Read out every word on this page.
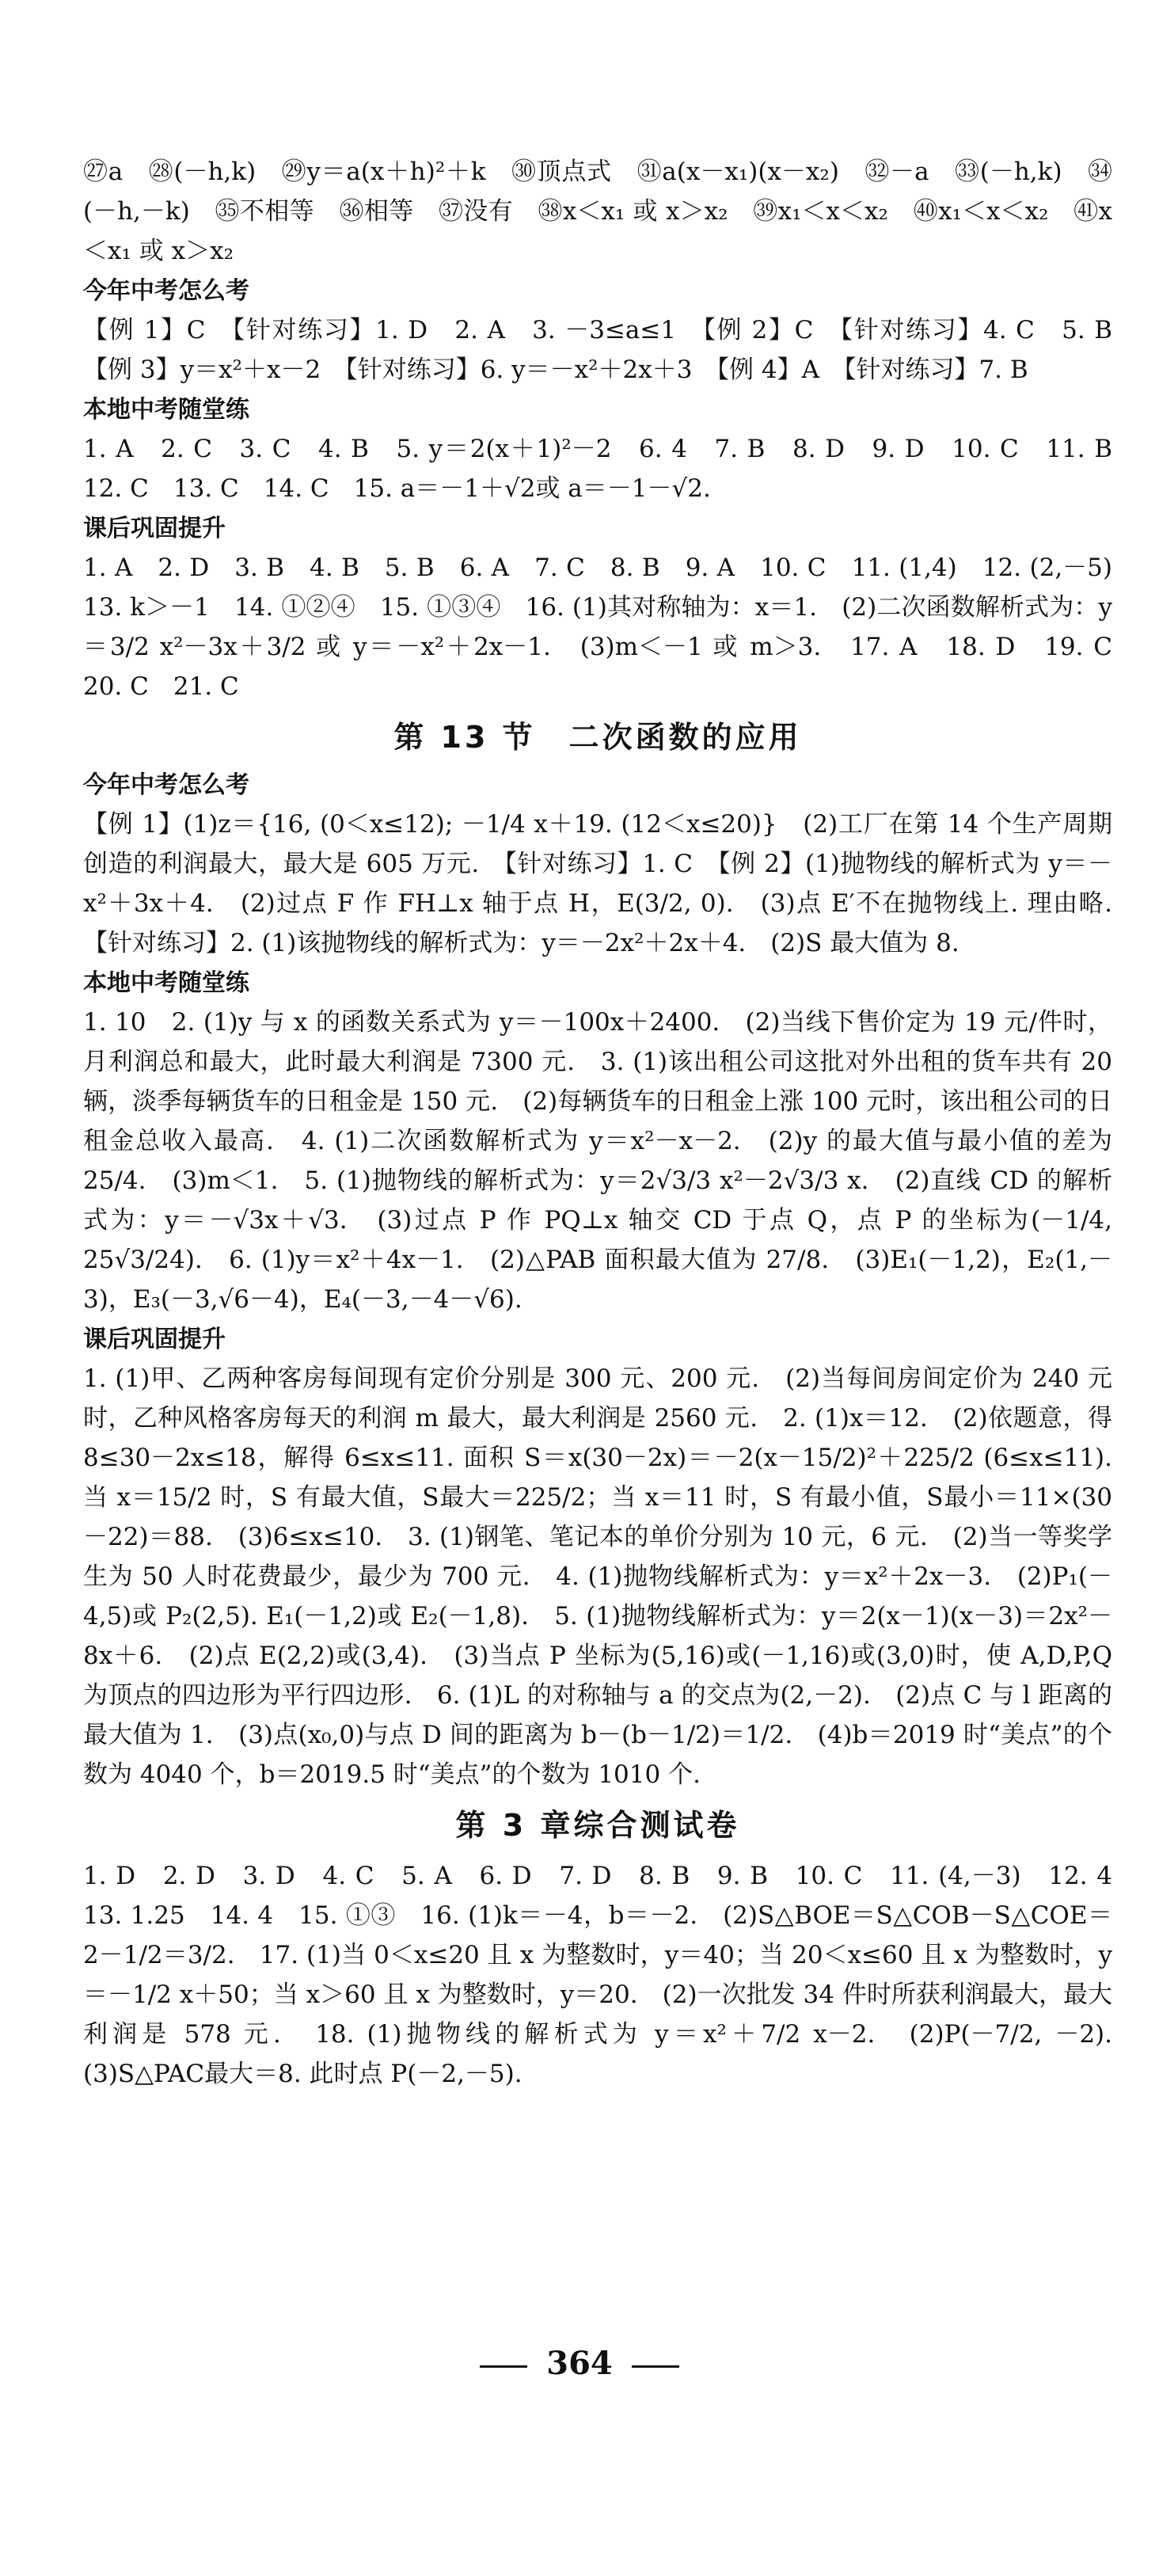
㉗a　㉘(－h,k)　㉙y＝a(x＋h)²＋k　㉚顶点式　㉛a(x－x₁)(x－x₂)　㉜－a　㉝(－h,k)　㉞(－h,－k)　㉟不相等　㊱相等　㊲没有　㊳x＜x₁ 或 x＞x₂　㊴x₁＜x＜x₂　㊵x₁＜x＜x₂　㊶x＜x₁ 或 x＞x₂

今年中考怎么考

【例 1】C　【针对练习】1. D　2. A　3. －3≤a≤1　【例 2】C　【针对练习】4. C　5. B　【例 3】y＝x²＋x－2　【针对练习】6. y＝－x²＋2x＋3　【例 4】A　【针对练习】7. B

本地中考随堂练

1. A　2. C　3. C　4. B　5. y＝2(x＋1)²－2　6. 4　7. B　8. D　9. D　10. C　11. B　12. C　13. C　14. C　15. a＝－1＋√2或 a＝－1－√2.

课后巩固提升

1. A　2. D　3. B　4. B　5. B　6. A　7. C　8. B　9. A　10. C　11. (1,4)　12. (2,－5)　13. k＞－1　14. ①②④　15. ①③④　16. (1)其对称轴为：x＝1.　(2)二次函数解析式为：y＝3/2 x²－3x＋3/2 或 y＝－x²＋2x－1.　(3)m＜－1 或 m＞3.　17. A　18. D　19. C　20. C　21. C

第 13 节　二次函数的应用
今年中考怎么考

【例 1】(1)z＝{16, (0＜x≤12); －1/4 x＋19. (12＜x≤20)}　(2)工厂在第 14 个生产周期创造的利润最大，最大是 605 万元.　【针对练习】1. C　【例 2】(1)抛物线的解析式为 y＝－x²＋3x＋4.　(2)过点 F 作 FH⊥x 轴于点 H，E(3/2, 0).　(3)点 E′不在抛物线上. 理由略.　【针对练习】2. (1)该抛物线的解析式为：y＝－2x²＋2x＋4.　(2)S 最大值为 8.

本地中考随堂练

1. 10　2. (1)y 与 x 的函数关系式为 y＝－100x＋2400.　(2)当线下售价定为 19 元/件时，月利润总和最大，此时最大利润是 7300 元.　3. (1)该出租公司这批对外出租的货车共有 20 辆，淡季每辆货车的日租金是 150 元.　(2)每辆货车的日租金上涨 100 元时，该出租公司的日租金总收入最高.　4. (1)二次函数解析式为 y＝x²－x－2.　(2)y 的最大值与最小值的差为 25/4.　(3)m＜1.　5. (1)抛物线的解析式为：y＝2√3/3 x²－2√3/3 x.　(2)直线 CD 的解析式为：y＝－√3x＋√3.　(3)过点 P 作 PQ⊥x 轴交 CD 于点 Q，点 P 的坐标为(－1/4, 25√3/24).　6. (1)y＝x²＋4x－1.　(2)△PAB 面积最大值为 27/8.　(3)E₁(－1,2)，E₂(1,－3)，E₃(－3,√6－4)，E₄(－3,－4－√6).

课后巩固提升

1. (1)甲、乙两种客房每间现有定价分别是 300 元、200 元.　(2)当每间房间定价为 240 元时，乙种风格客房每天的利润 m 最大，最大利润是 2560 元.　2. (1)x＝12.　(2)依题意，得 8≤30－2x≤18，解得 6≤x≤11. 面积 S＝x(30－2x)＝－2(x－15/2)²＋225/2 (6≤x≤11). 当 x＝15/2 时，S 有最大值，S最大＝225/2；当 x＝11 时，S 有最小值，S最小＝11×(30－22)＝88.　(3)6≤x≤10.　3. (1)钢笔、笔记本的单价分别为 10 元，6 元.　(2)当一等奖学生为 50 人时花费最少，最少为 700 元.　4. (1)抛物线解析式为：y＝x²＋2x－3.　(2)P₁(－4,5)或 P₂(2,5). E₁(－1,2)或 E₂(－1,8).　5. (1)抛物线解析式为：y＝2(x－1)(x－3)＝2x²－8x＋6.　(2)点 E(2,2)或(3,4).　(3)当点 P 坐标为(5,16)或(－1,16)或(3,0)时，使 A,D,P,Q 为顶点的四边形为平行四边形.　6. (1)L 的对称轴与 a 的交点为(2,－2).　(2)点 C 与 l 距离的最大值为 1.　(3)点(x₀,0)与点 D 间的距离为 b－(b－1/2)＝1/2.　(4)b＝2019 时“美点”的个数为 4040 个，b＝2019.5 时“美点”的个数为 1010 个.

第 3 章综合测试卷

1. D　2. D　3. D　4. C　5. A　6. D　7. D　8. B　9. B　10. C　11. (4,－3)　12. 4　13. 1.25　14. 4　15. ①③　16. (1)k＝－4，b＝－2.　(2)S△BOE＝S△COB－S△COE＝2－1/2＝3/2.　17. (1)当 0＜x≤20 且 x 为整数时，y＝40；当 20＜x≤60 且 x 为整数时，y＝－1/2 x＋50；当 x＞60 且 x 为整数时，y＝20.　(2)一次批发 34 件时所获利润最大，最大利润是 578 元.　18. (1)抛物线的解析式为 y＝x²＋7/2 x－2.　(2)P(－7/2, －2).　(3)S△PAC最大＝8. 此时点 P(－2,－5).

364
